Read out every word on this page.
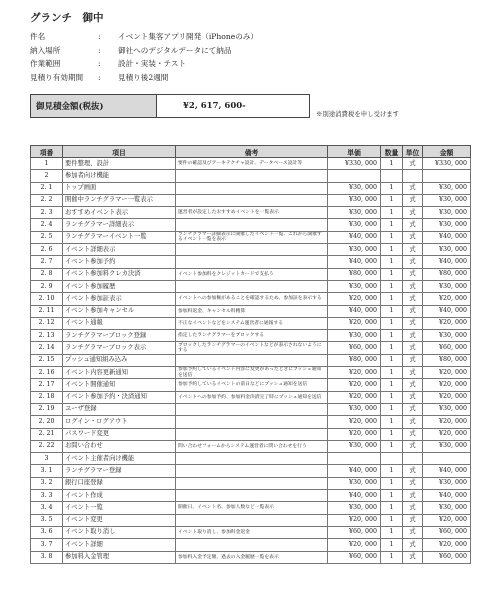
グランチ　御中
件名	:	イベント集客アプリ開発（iPhoneのみ）
納入場所	:	御社へのデジタルデータにて納品
作業範囲	:	設計・実装・テスト
見積り有効期間	:	見積り後2週間
御見積金額(税抜)	¥2, 617, 600-
※別途消費税を申し受けます
項番	項目	備考	単価	数量	単位	金額
1	要件整理、設計	要件の確認及びアーキテクチャ設計、データベース設計等	¥330, 000	1	式	¥330, 000
2	参加者向け機能					
2. 1	トップ画面		¥30, 000	1	式	¥30, 000
2. 2	開催中ランチグラマー一覧表示		¥30, 000	1	式	¥30, 000
2. 3	おすすめイベント表示	運営者が設定したおすすめイベントを一覧表示	¥30, 000	1	式	¥30, 000
2. 4	ランチグラマー詳細表示		¥30, 000	1	式	¥30, 000
2. 5	ランチグラマーイベント一覧	ランチグラマー詳細表示に開催したイベント一覧、これから開催するイベント一覧を表示	¥40, 000	1	式	¥40, 000
2. 6	イベント詳細表示		¥30, 000	1	式	¥30, 000
2. 7	イベント参加予約		¥40, 000	1	式	¥40, 000
2. 8	イベント参加料クレカ決済	イベント参加料をクレジットカードで支払う	¥80, 000	1	式	¥80, 000
2. 9	イベント参加履歴		¥30, 000	1	式	¥30, 000
2. 10	イベント参加証表示	イベントへの参加権があることを確認するため、参加証を表示する	¥20, 000	1	式	¥20, 000
2. 11	イベント参加キャンセル	参加料返金、キャンセル料精算	¥40, 000	1	式	¥40, 000
2. 12	イベント通報	不正なイベントなどをシステム運営者に通報する	¥20, 000	1	式	¥20, 000
2. 13	ランチグラマーブロック登録	指定したランチグラマーをブロックする	¥30, 000	1	式	¥30, 000
2. 14	ランチグラマーブロック表示	ブロックしたランチグラマーのイベントなどが表示されないようにする	¥60, 000	1	式	¥60, 000
2. 15	プッシュ通知組み込み		¥80, 000	1	式	¥80, 000
2. 16	イベント内容更新通知	参加予約しているイベント内容に変更があったときにプッシュ通知を送信	¥20, 000	1	式	¥20, 000
2. 17	イベント開催通知	参加予約しているイベントの前日などにプッシュ通知を送信	¥20, 000	1	式	¥20, 000
2. 18	イベント参加予約・決済通知	イベントへの参加予約、参加料金決済完了時にプッシュ通知を送信	¥20, 000	1	式	¥20, 000
2. 19	ユーザ登録		¥30, 000	1	式	¥30, 000
2. 20	ログイン・ログアウト		¥20, 000	1	式	¥20, 000
2. 21	パスワード変更		¥20, 000	1	式	¥20, 000
2. 22	お問い合わせ	問い合わせフォームからシステム運営者に問い合わせを行う	¥30, 000	1	式	¥30, 000
3	イベント主催者向け機能					
3. 1	ランチグラマー登録		¥40, 000	1	式	¥40, 000
3. 2	銀行口座登録		¥30, 000	1	式	¥30, 000
3. 3	イベント作成		¥40, 000	1	式	¥40, 000
3. 4	イベント一覧	開催日、イベント名、参加人数など一覧表示	¥30, 000	1	式	¥30, 000
3. 5	イベント変更		¥20, 000	1	式	¥20, 000
3. 6	イベント取り消し	イベント取り消し、参加料金返金	¥60, 000	1	式	¥60, 000
3. 7	イベント詳細		¥20, 000	1	式	¥20, 000
3. 8	参加料入金管理	参加料入金予定額、過去の入金履歴一覧を表示	¥60, 000	1	式	¥60, 000
